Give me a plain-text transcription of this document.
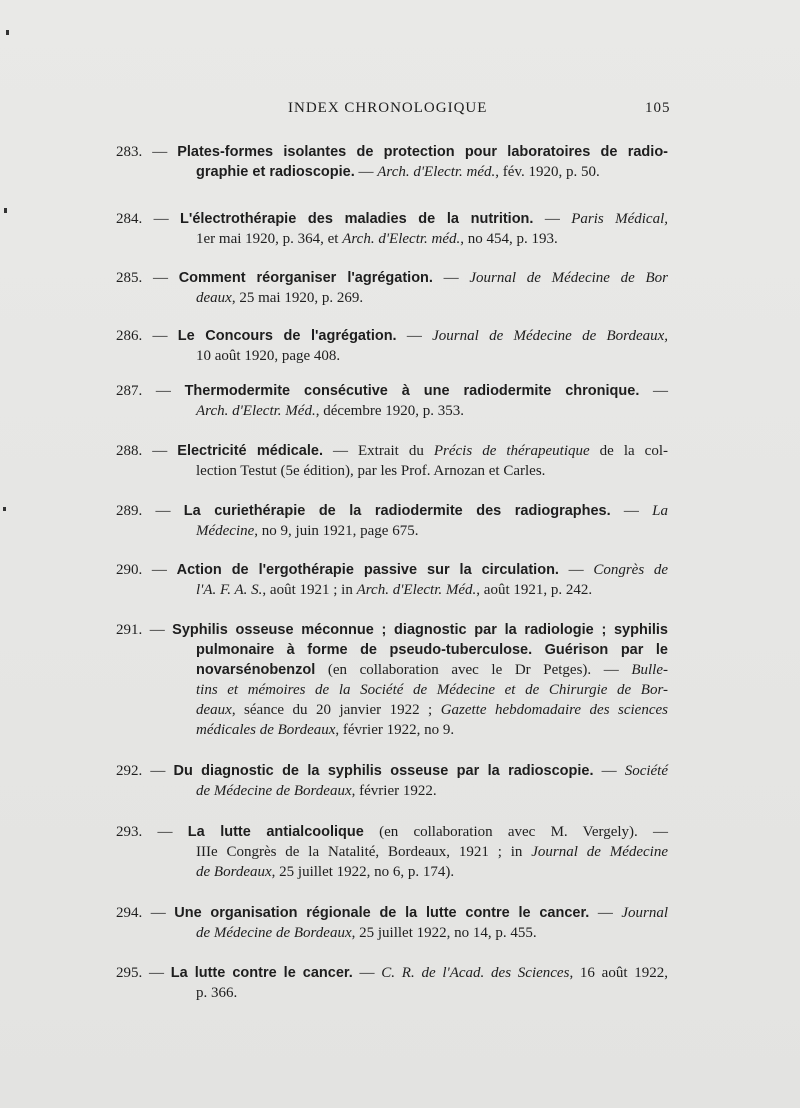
INDEX CHRONOLOGIQUE	105
283. — Plates-formes isolantes de protection pour laboratoires de radio-
graphie et radioscopie. — Arch. d'Electr. méd., fév. 1920, p. 50.
284. — L'électrothérapie des maladies de la nutrition. — Paris Médical,
1er mai 1920, p. 364, et Arch. d'Electr. méd., no 454, p. 193.
285. — Comment réorganiser l'agrégation. — Journal de Médecine de Bor
deaux, 25 mai 1920, p. 269.
286. — Le Concours de l'agrégation. — Journal de Médecine de Bordeaux,
10 août 1920, page 408.
287. — Thermodermite consécutive à une radiodermite chronique. —
Arch. d'Electr. Méd., décembre 1920, p. 353.
288. — Electricité médicale. — Extrait du Précis de thérapeutique de la col-
lection Testut (5e édition), par les Prof. Arnozan et Carles.
289. — La curiethérapie de la radiodermite des radiographes. — La
Médecine, no 9, juin 1921, page 675.
290. — Action de l'ergothérapie passive sur la circulation. — Congrès de
l'A. F. A. S., août 1921 ; in Arch. d'Electr. Méd., août 1921, p. 242.
291. — Syphilis osseuse méconnue ; diagnostic par la radiologie ; syphilis
pulmonaire à forme de pseudo-tuberculose. Guérison par le
novarsénobenzol (en collaboration avec le Dr Petges). — Bulle-
tins et mémoires de la Société de Médecine et de Chirurgie de Bor-
deaux, séance du 20 janvier 1922 ; Gazette hebdomadaire des sciences
médicales de Bordeaux, février 1922, no 9.
292. — Du diagnostic de la syphilis osseuse par la radioscopie. — Société
de Médecine de Bordeaux, février 1922.
293. — La lutte antialcoolique (en collaboration avec M. Vergely). —
IIIe Congrès de la Natalité, Bordeaux, 1921 ; in Journal de Médecine
de Bordeaux, 25 juillet 1922, no 6, p. 174).
294. — Une organisation régionale de la lutte contre le cancer. — Journal
de Médecine de Bordeaux, 25 juillet 1922, no 14, p. 455.
295. — La lutte contre le cancer. — C. R. de l'Acad. des Sciences, 16 août 1922,
p. 366.
